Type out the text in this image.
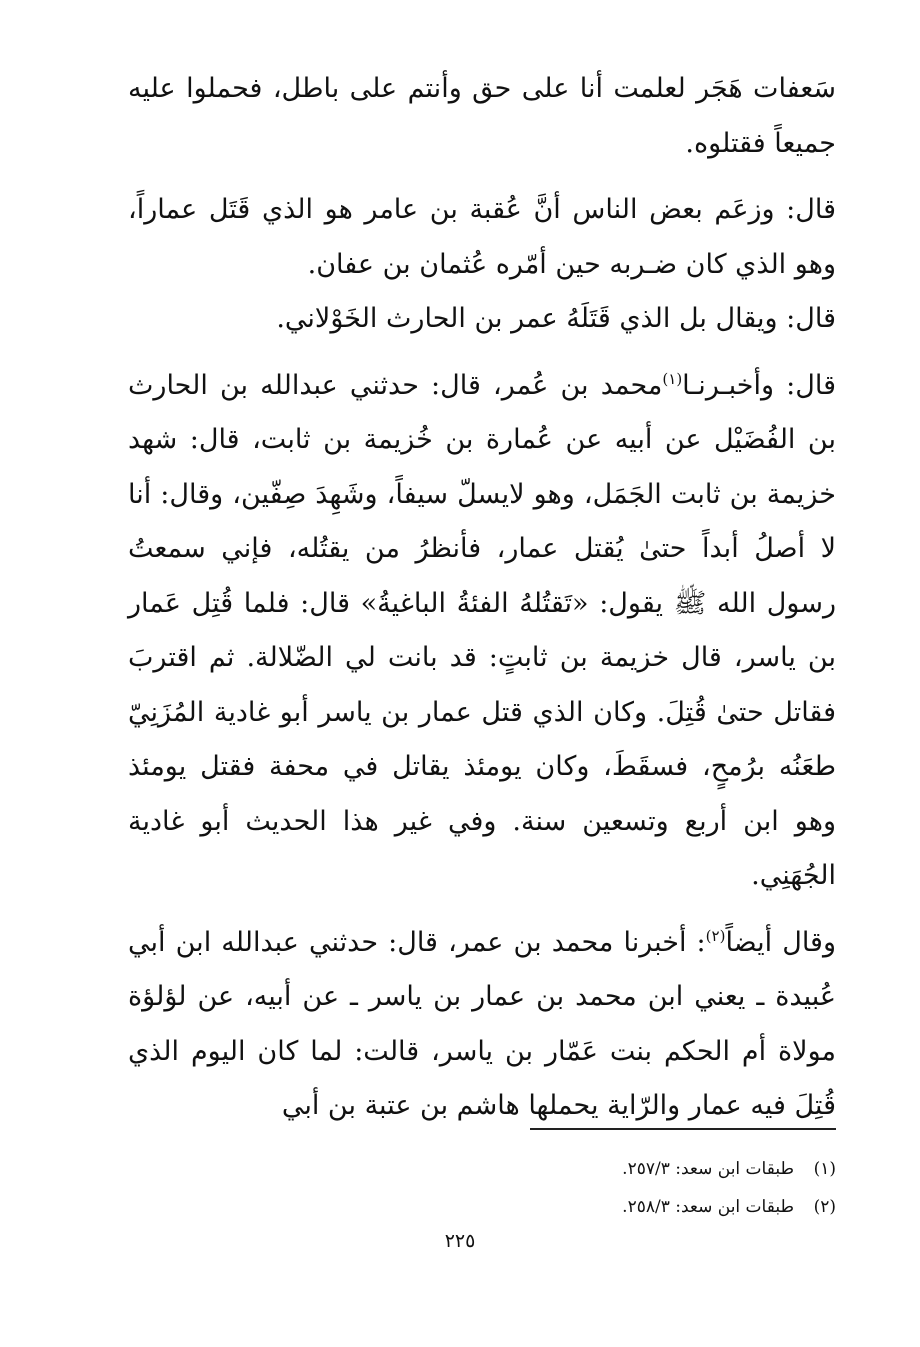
سَعفات هَجَر لعلمت أنا على حق وأنتم على باطل، فحملوا عليه جميعاً فقتلوه.

قال: وزعَم بعض الناس أنَّ عُقبة بن عامر هو الذي قَتَل عماراً، وهو الذي كان ضـربه حين أمّره عُثمان بن عفان.

قال: ويقال بل الذي قَتَلَهُ عمر بن الحارث الخَوْلاني.

قال: وأخبـرنـا$^{(١)}$محمد بن عُمر، قال: حدثني عبدالله بن الحارث بن الفُضَيْل عن أبيه عن عُمارة بن خُزيمة بن ثابت، قال: شهد خزيمة بن ثابت الجَمَل، وهو لايسلّ سيفاً، وشَهِدَ صِفّين، وقال: أنا لا أصلُ أبداً حتىٰ يُقتل عمار، فأنظرُ من يقتُله، فإني سمعتُ رسول الله ﷺ يقول: «تَقتُلهُ الفئةُ الباغيةُ» قال: فلما قُتِل عَمار بن ياسر، قال خزيمة بن ثابتٍ: قد بانت لي الضّلالة. ثم اقتربَ فقاتل حتىٰ قُتِلَ. وكان الذي قتل عمار بن ياسر أبو غادية المُزَنِيّ طعَنُه برُمحٍ، فسقَطَ، وكان يومئذ يقاتل في محفة فقتل يومئذ وهو ابن أربع وتسعين سنة. وفي غير هذا الحديث أبو غادية الجُهَنِي.

وقال أيضاً$^{(٢)}$: أخبرنا محمد بن عمر، قال: حدثني عبدالله ابن أبي عُبيدة ـ يعني ابن محمد بن عمار بن ياسر ـ عن أبيه، عن لؤلؤة مولاة أم الحكم بنت عَمّار بن ياسر، قالت: لما كان اليوم الذي قُتِلَ فيه عمار والرّاية يحملها هاشم بن عتبة بن أبي

(١)طبقات ابن سعد: ٢٥٧/٣.

(٢)طبقات ابن سعد: ٢٥٨/٣.

٢٢٥
